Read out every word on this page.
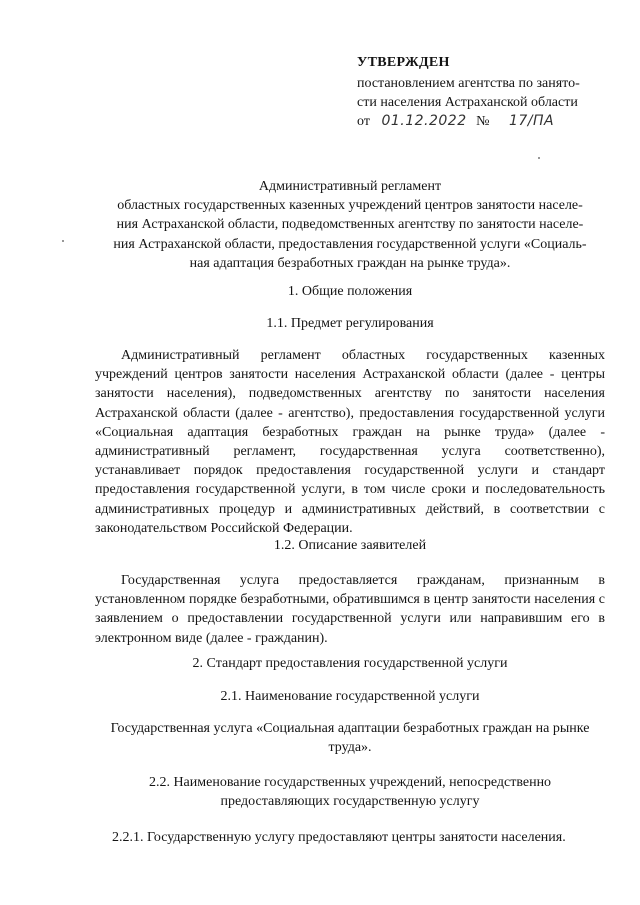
УТВЕРЖДЕН
постановлением агентства по занято-
сти населения Астраханской области
от 01.12.2022 № 17/ПА
Административный регламент
областных государственных казенных учреждений центров занятости населе-
ния Астраханской области, подведомственных агентству по занятости населе-
ния Астраханской области, предоставления государственной услуги «Социаль-
ная адаптация безработных граждан на рынке труда».
1. Общие положения
1.1. Предмет регулирования
Административный регламент областных государственных казенных учреждений центров занятости населения Астраханской области (далее - центры занятости населения), подведомственных агентству по занятости населения Астраханской области (далее - агентство), предоставления государственной услуги «Социальная адаптация безработных граждан на рынке труда» (далее - административный регламент, государственная услуга соответственно), устанавливает порядок предоставления государственной услуги и стандарт предоставления государственной услуги, в том числе сроки и последовательность административных процедур и административных действий, в соответствии с законодательством Российской Федерации.
1.2. Описание заявителей
Государственная услуга предоставляется гражданам, признанным в установленном порядке безработными, обратившимся в центр занятости населения с заявлением о предоставлении государственной услуги или направившим его в электронном виде (далее - гражданин).
2. Стандарт предоставления государственной услуги
2.1. Наименование государственной услуги
Государственная услуга «Социальная адаптации безработных граждан на рынке труда».
2.2. Наименование государственных учреждений, непосредственно предоставляющих государственную услугу
2.2.1. Государственную услугу предоставляют центры занятости населения.
